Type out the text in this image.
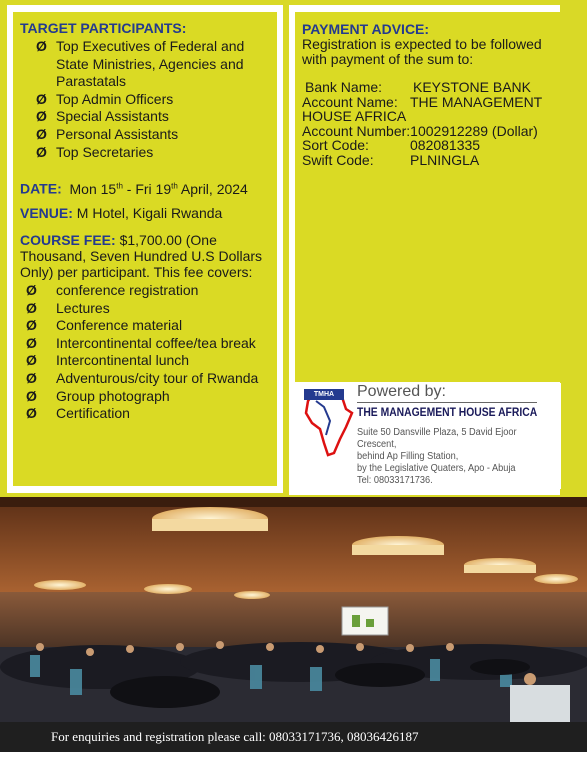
TARGET PARTICIPANTS:
Ø Top Executives of Federal and State Ministries, Agencies and Parastatals
Ø Top Admin Officers
Ø Special Assistants
Ø Personal Assistants
Ø Top Secretaries
DATE: Mon 15th - Fri 19th April, 2024
VENUE: M Hotel, Kigali Rwanda
COURSE FEE: $1,700.00 (One Thousand, Seven Hundred U.S Dollars Only) per participant. This fee covers:
Ø conference registration
Ø Lectures
Ø Conference material
Ø Intercontinental coffee/tea break
Ø Intercontinental lunch
Ø Adventurous/city tour of Rwanda
Ø Group photograph
Ø Certification
PAYMENT ADVICE:
Registration is expected to be followed with payment of the sum to:
Bank Name:	KEYSTONE BANK
Account Name: THE MANAGEMENT
HOUSE AFRICA
Account Number: 1002912289 (Dollar)
Sort Code:	082081335
Swift Code:	PLNINGLA
TMHA	Powered by:
THE MANAGEMENT HOUSE AFRICA
Suite 50 Dansville Plaza, 5 David Ejoor Crescent,
behind Ap Filling Station,
by the Legislative Quaters, Apo - Abuja
Tel: 08033171736.
For enquiries and registration please call: 08033171736, 08036426187
